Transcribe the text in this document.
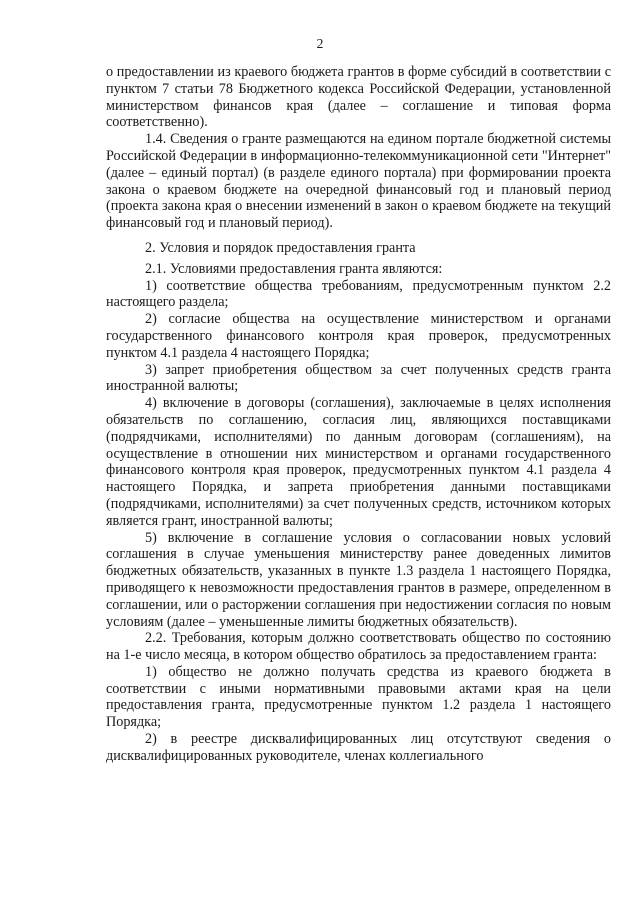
2

о предоставлении из краевого бюджета грантов в форме субсидий в соответствии с пунктом 7 статьи 78 Бюджетного кодекса Российской Федерации, установленной министерством финансов края (далее – соглашение и типовая форма соответственно).

1.4. Сведения о гранте размещаются на едином портале бюджетной системы Российской Федерации в информационно-телекоммуникационной сети "Интернет" (далее – единый портал) (в разделе единого портала) при формировании проекта закона о краевом бюджете на очередной финансовый год и плановый период (проекта закона края о внесении изменений в закон о краевом бюджете на текущий финансовый год и плановый период).

2. Условия и порядок предоставления гранта

2.1. Условиями предоставления гранта являются:

1) соответствие общества требованиям, предусмотренным пунктом 2.2 настоящего раздела;

2) согласие общества на осуществление министерством и органами государственного финансового контроля края проверок, предусмотренных пунктом 4.1 раздела 4 настоящего Порядка;

3) запрет приобретения обществом за счет полученных средств гранта иностранной валюты;

4) включение в договоры (соглашения), заключаемые в целях исполнения обязательств по соглашению, согласия лиц, являющихся поставщиками (подрядчиками, исполнителями) по данным договорам (соглашениям), на осуществление в отношении них министерством и органами государственного финансового контроля края проверок, предусмотренных пунктом 4.1 раздела 4 настоящего Порядка, и запрета приобретения данными поставщиками (подрядчиками, исполнителями) за счет полученных средств, источником которых является грант, иностранной валюты;

5) включение в соглашение условия о согласовании новых условий соглашения в случае уменьшения министерству ранее доведенных лимитов бюджетных обязательств, указанных в пункте 1.3 раздела 1 настоящего Порядка, приводящего к невозможности предоставления грантов в размере, определенном в соглашении, или о расторжении соглашения при недостижении согласия по новым условиям (далее – уменьшенные лимиты бюджетных обязательств).

2.2. Требования, которым должно соответствовать общество по состоянию на 1-е число месяца, в котором общество обратилось за предоставлением гранта:

1) общество не должно получать средства из краевого бюджета в соответствии с иными нормативными правовыми актами края на цели предоставления гранта, предусмотренные пунктом 1.2 раздела 1 настоящего Порядка;

2) в реестре дисквалифицированных лиц отсутствуют сведения о дисквалифицированных руководителе, членах коллегиального
